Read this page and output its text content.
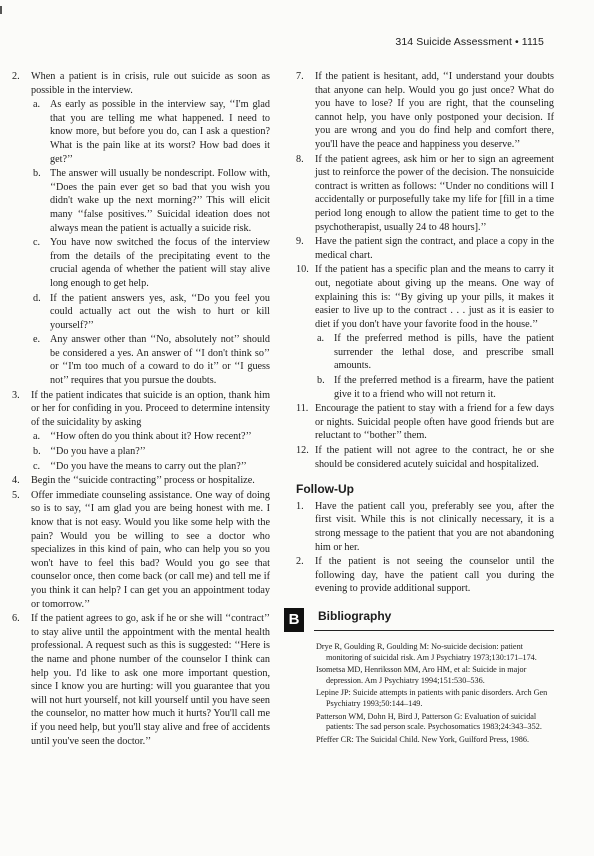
314 Suicide Assessment • 1115
2. When a patient is in crisis, rule out suicide as soon as possible in the interview.
a. As early as possible in the interview say, ‘‘I'm glad that you are telling me what happened. I need to know more, but before you do, can I ask a question? What is the pain like at its worst? How bad does it get?’’
b. The answer will usually be nondescript. Follow with, ‘‘Does the pain ever get so bad that you wish you didn't wake up the next morning?’’ This will elicit many ‘‘false positives.’’ Suicidal ideation does not always mean the patient is actually a suicide risk.
c. You have now switched the focus of the interview from the details of the precipitating event to the crucial agenda of whether the patient will stay alive long enough to get help.
d. If the patient answers yes, ask, ‘‘Do you feel you could actually act out the wish to hurt or kill yourself?’’
e. Any answer other than ‘‘No, absolutely not’’ should be considered a yes. An answer of ‘‘I don't think so’’ or ‘‘I'm too much of a coward to do it’’ or ‘‘I guess not’’ requires that you pursue the doubts.
3. If the patient indicates that suicide is an option, thank him or her for confiding in you. Proceed to determine intensity of the suicidality by asking
a. ‘‘How often do you think about it? How recent?’’
b. ‘‘Do you have a plan?’’
c. ‘‘Do you have the means to carry out the plan?’’
4. Begin the ‘‘suicide contracting’’ process or hospitalize.
5. Offer immediate counseling assistance. One way of doing so is to say, ‘‘I am glad you are being honest with me. I know that is not easy. Would you like some help with the pain? Would you be willing to see a doctor who specializes in this kind of pain, who can help you so you won't have to feel this bad? Would you go see that counselor once, then come back (or call me) and tell me if you think it can help? I can get you an appointment today or tomorrow.’’
6. If the patient agrees to go, ask if he or she will ‘‘contract’’ to stay alive until the appointment with the mental health professional. A request such as this is suggested: ‘‘Here is the name and phone number of the counselor I think can help you. I'd like to ask one more important question, since I know you are hurting: will you guarantee that you will not hurt yourself, not kill yourself until you have seen the counselor, no matter how much it hurts? You'll call me if you need help, but you'll stay alive and free of accidents until you've seen the doctor.’’
7. If the patient is hesitant, add, ‘‘I understand your doubts that anyone can help. Would you go just once? What do you have to lose? If you are right, that the counseling cannot help, you have only postponed your decision. If you are wrong and you do find help and comfort there, you'll have the peace and happiness you deserve.’’
8. If the patient agrees, ask him or her to sign an agreement just to reinforce the power of the decision. The nonsuicide contract is written as follows: ‘‘Under no conditions will I accidentally or purposefully take my life for [fill in a time period long enough to allow the patient time to get to the psychotherapist, usually 24 to 48 hours].’’
9. Have the patient sign the contract, and place a copy in the medical chart.
10. If the patient has a specific plan and the means to carry it out, negotiate about giving up the means. One way of explaining this is: ‘‘By giving up your pills, it makes it easier to live up to the contract . . . just as it is easier to diet if you don't have your favorite food in the house.’’
a. If the preferred method is pills, have the patient surrender the lethal dose, and prescribe small amounts.
b. If the preferred method is a firearm, have the patient give it to a friend who will not return it.
11. Encourage the patient to stay with a friend for a few days or nights. Suicidal people often have good friends but are reluctant to ‘‘bother’’ them.
12. If the patient will not agree to the contract, he or she should be considered acutely suicidal and hospitalized.
Follow-Up
1. Have the patient call you, preferably see you, after the first visit. While this is not clinically necessary, it is a strong message to the patient that you are not abandoning him or her.
2. If the patient is not seeing the counselor until the following day, have the patient call you during the evening to provide additional support.
B	Bibliography
Drye R, Goulding R, Goulding M: No-suicide decision: patient monitoring of suicidal risk. Am J Psychiatry 1973;130:171–174.
Isometsa MD, Henriksson MM, Aro HM, et al: Suicide in major depression. Am J Psychiatry 1994;151:530–536.
Lepine JP: Suicide attempts in patients with panic disorders. Arch Gen Psychiatry 1993;50:144–149.
Patterson WM, Dohn H, Bird J, Patterson G: Evaluation of suicidal patients: The sad person scale. Psychosomatics 1983;24:343–352.
Pfeffer CR: The Suicidal Child. New York, Guilford Press, 1986.
